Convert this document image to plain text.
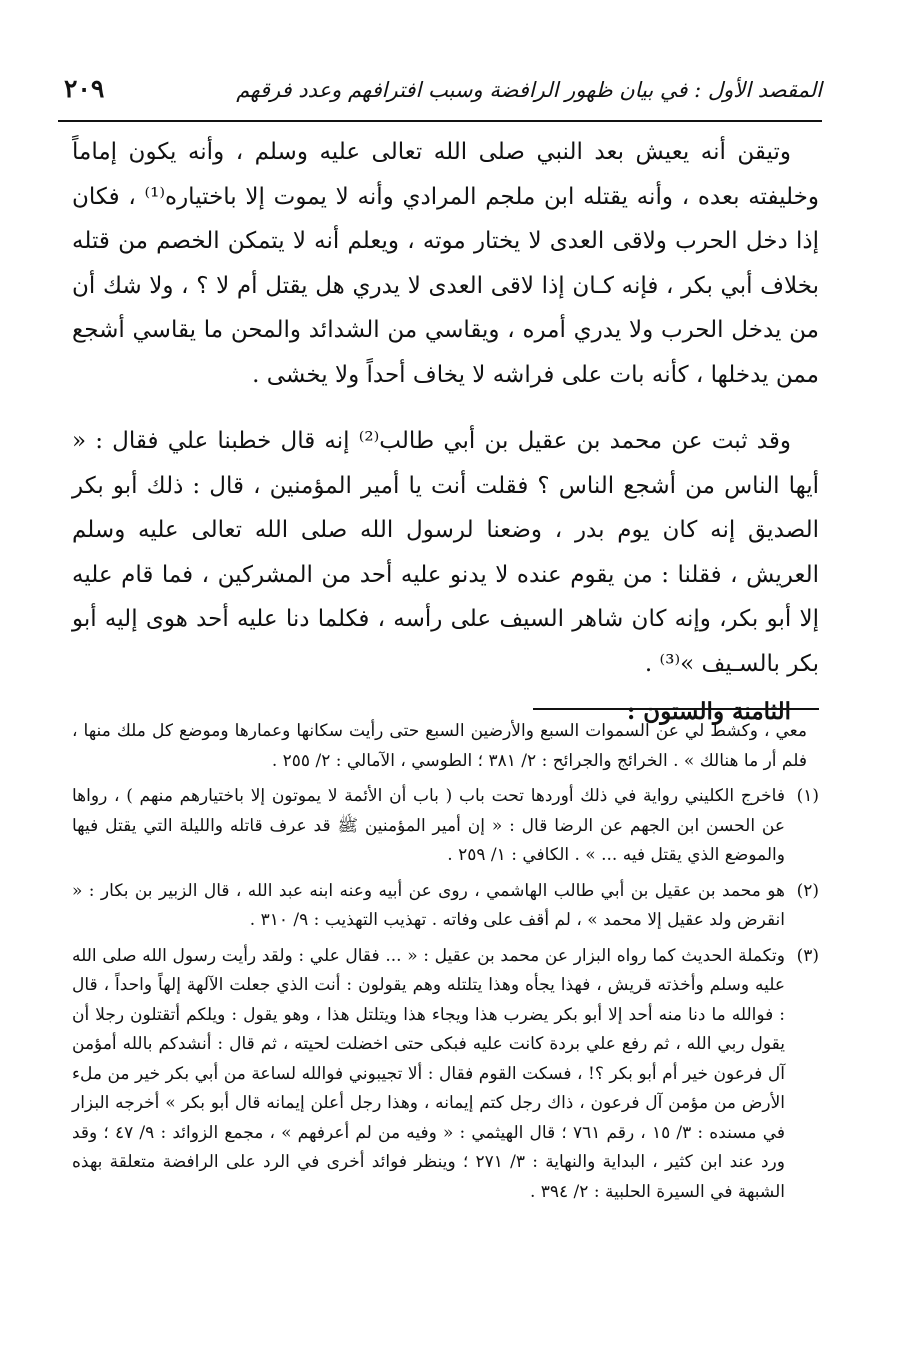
المقصد الأول : في بيان ظهور الرافضة وسبب افترافهم وعدد فرقهم
٢٠٩

وتيقن أنه يعيش بعد النبي صلى الله تعالى عليه وسلم ، وأنه يكون إماماً وخليفته بعده ، وأنه يقتله ابن ملجم المرادي وأنه لا يموت إلا باختياره⁽¹⁾ ، فكان إذا دخل الحرب ولاقى العدى لا يختار موته ، ويعلم أنه لا يتمكن الخصم من قتله بخلاف أبي بكر ، فإنه كـان إذا لاقى العدى لا يدري هل يقتل أم لا ؟ ، ولا شك أن من يدخل الحرب ولا يدري أمره ، ويقاسي من الشدائد والمحن ما يقاسي أشجع ممن يدخلها ، كأنه بات على فراشه لا يخاف أحداً ولا يخشى .

وقد ثبت عن محمد بن عقيل بن أبي طالب⁽²⁾ إنه قال خطبنا علي فقال : « أيها الناس من أشجع الناس ؟ فقلت أنت يا أمير المؤمنين ، قال : ذلك أبو بكر الصديق إنه كان يوم بدر ، وضعنا لرسول الله صلى الله تعالى عليه وسلم العريش ، فقلنا : من يقوم عنده لا يدنو عليه أحد من المشركين ، فما قام عليه إلا أبو بكر، وإنه كان شاهر السيف على رأسه ، فكلما دنا عليه أحد هوى إليه أبو بكر بالسـيف »⁽³⁾ .

الثامنة والستون :

معي ، وكشط لي عن السموات السبع والأرضين السبع حتى رأيت سكانها وعمارها وموضع كل ملك منها ، فلم أر ما هنالك » . الخرائج والجرائح : ٢/ ٣٨١ ؛ الطوسي ، الآمالي : ٢/ ٢٥٥ .

(١)
فاخرج الكليني رواية في ذلك أوردها تحت باب ( باب أن الأئمة لا يموتون إلا باختيارهم منهم ) ، رواها عن الحسن ابن الجهم عن الرضا قال : « إن أمير المؤمنين ﷺ قد عرف قاتله والليلة التي يقتل فيها والموضع الذي يقتل فيه ... » . الكافي : ١/ ٢٥٩ .

(٢)
هو محمد بن عقيل بن أبي طالب الهاشمي ، روى عن أبيه وعنه ابنه عبد الله ، قال الزبير بن بكار : « انقرض ولد عقيل إلا محمد » ، لم أقف على وفاته . تهذيب التهذيب : ٩/ ٣١٠ .

(٣)
وتكملة الحديث كما رواه البزار عن محمد بن عقيل : « ... فقال علي : ولقد رأيت رسول الله صلى الله عليه وسلم وأخذته قريش ، فهذا يجأه وهذا يتلتله وهم يقولون : أنت الذي جعلت الآلهة إلهاً واحداً ، قال : فوالله ما دنا منه أحد إلا أبو بكر يضرب هذا ويجاء هذا ويتلتل هذا ، وهو يقول : ويلكم أتقتلون رجلا أن يقول ربي الله ، ثم رفع علي بردة كانت عليه فبكى حتى اخضلت لحيته ، ثم قال : أنشدكم بالله أمؤمن آل فرعون خير أم أبو بكر ؟! ، فسكت القوم فقال : ألا تجيبوني فوالله لساعة من أبي بكر خير من ملء الأرض من مؤمن آل فرعون ، ذاك رجل كتم إيمانه ، وهذا رجل أعلن إيمانه قال أبو بكر » أخرجه البزار في مسنده : ٣/ ١٥ ، رقم ٧٦١ ؛ قال الهيثمي : « وفيه من لم أعرفهم » ، مجمع الزوائد : ٩/ ٤٧ ؛ وقد ورد عند ابن كثير ، البداية والنهاية : ٣/ ٢٧١ ؛ وينظر فوائد أخرى في الرد على الرافضة متعلقة بهذه الشبهة في السيرة الحلبية : ٢/ ٣٩٤ .
